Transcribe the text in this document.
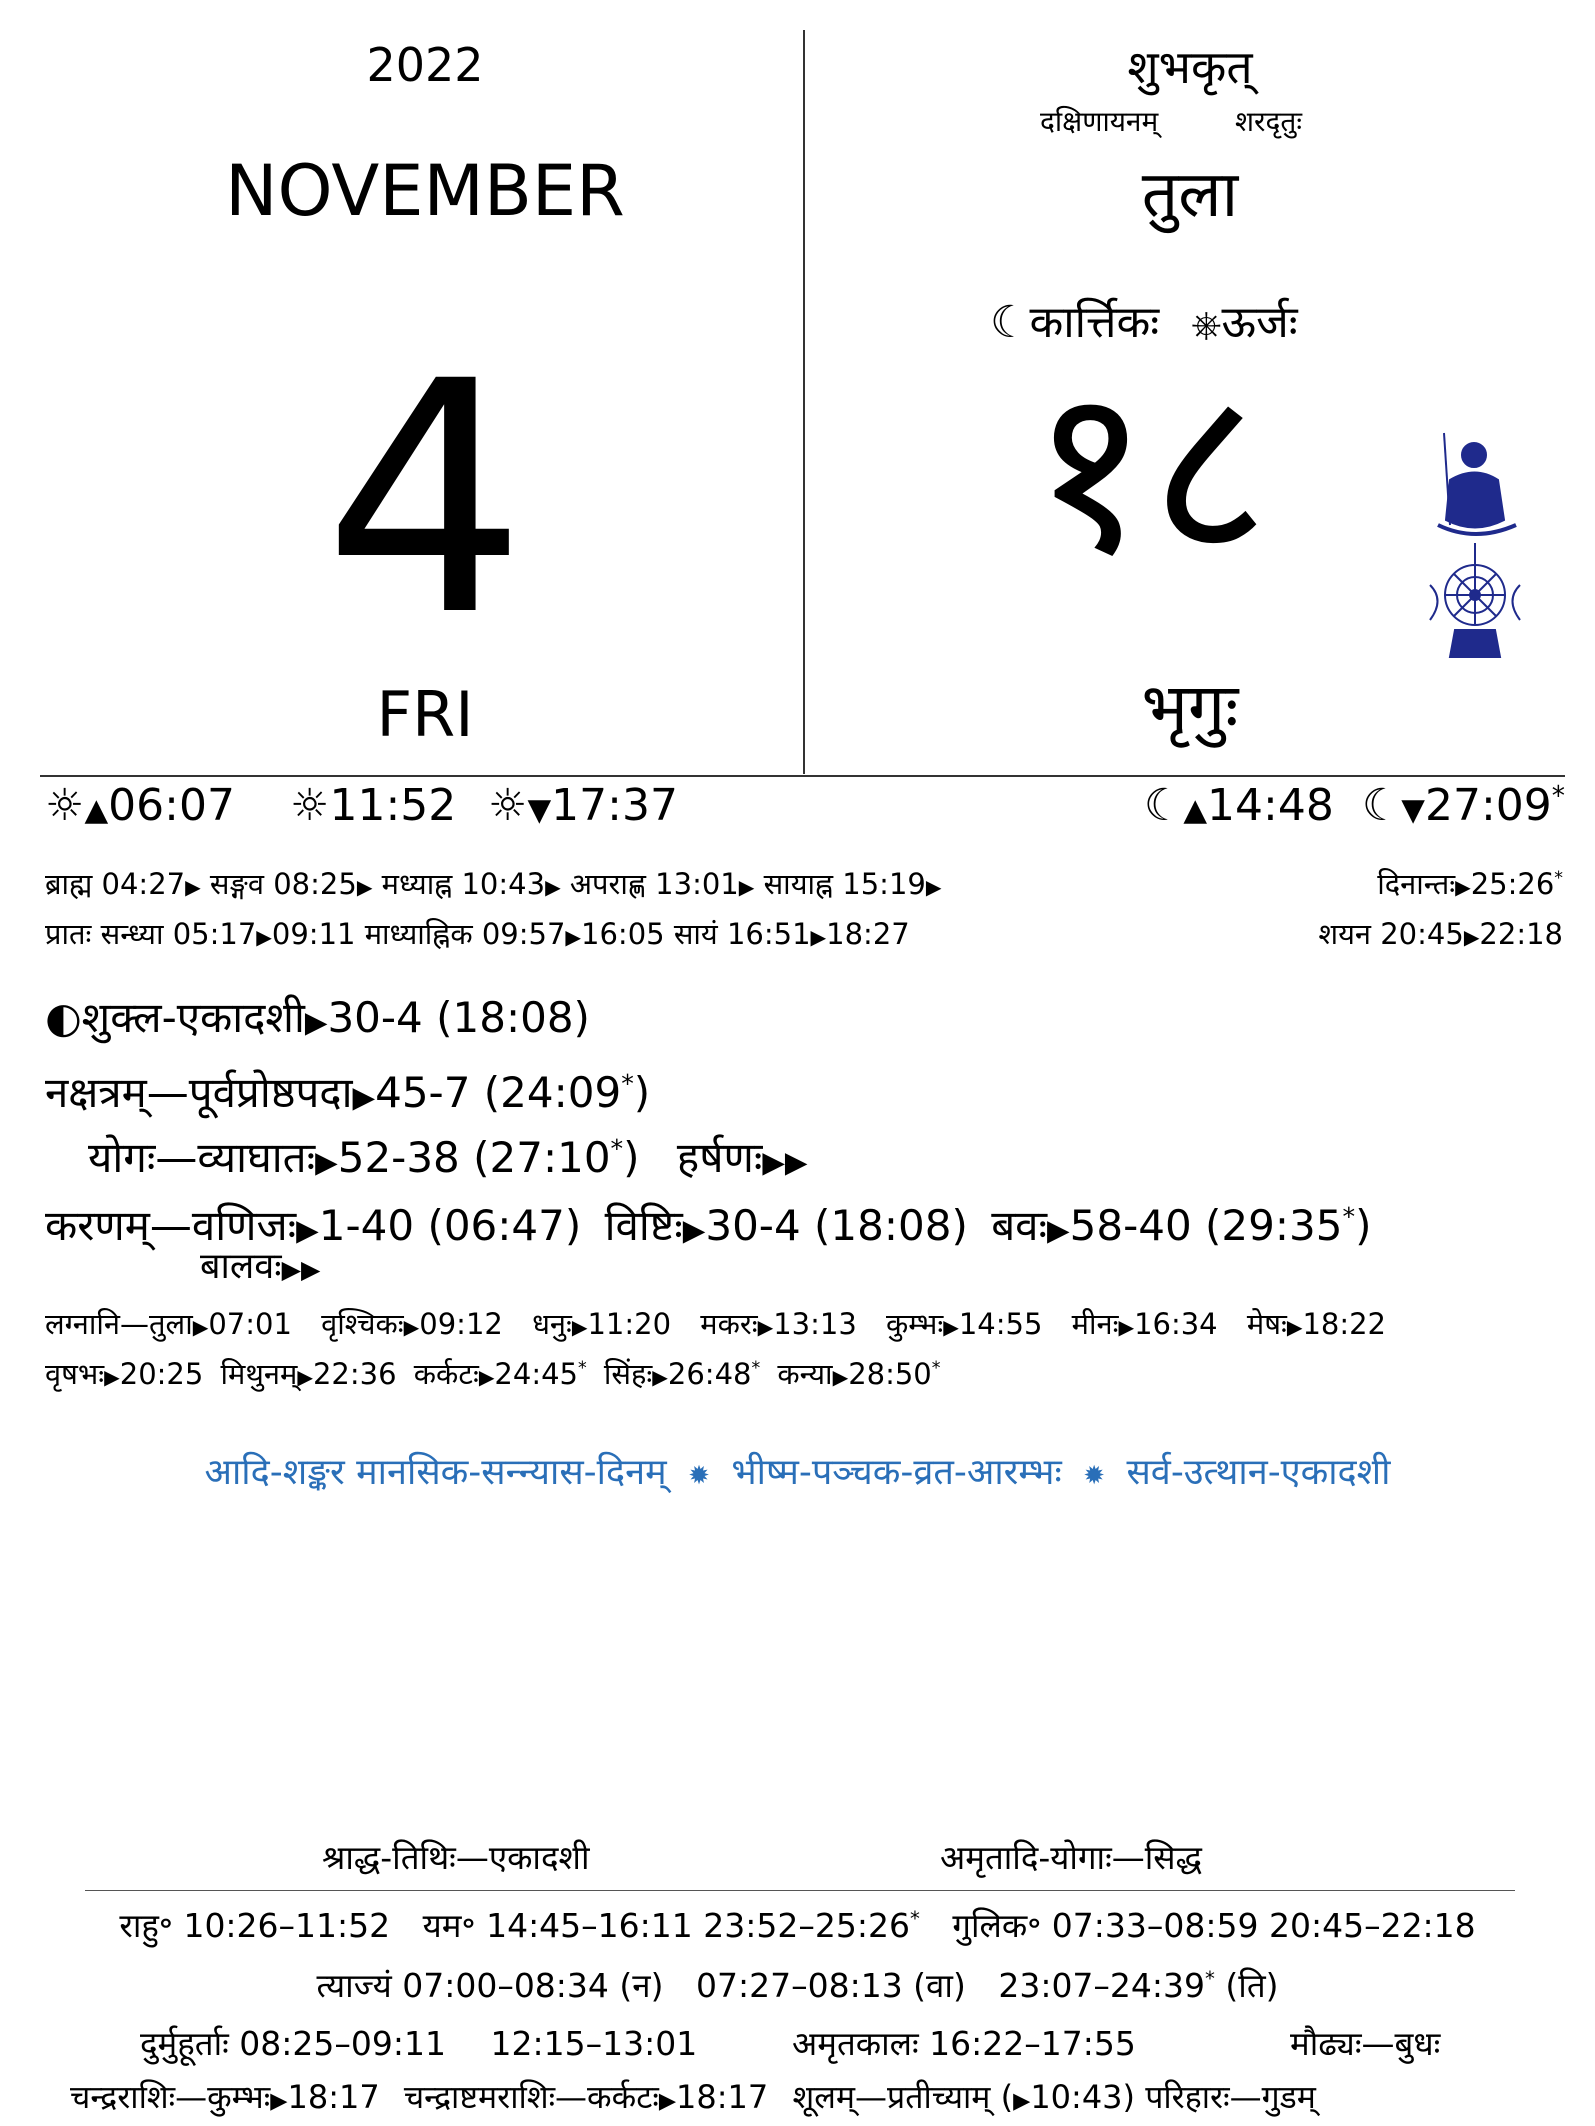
2022
NOVEMBER
4
FRI
शुभकृत्
दक्षिणायनम्	शरदृतुः
तुला
☾कार्त्तिकः ⎈ऊर्जः
१८
भृगुः
☼▲06:07 ☼11:52 ☼▼17:37	☾▲14:48 ☾▼27:09*
ब्राह्म 04:27▶ सङ्गव 08:25▶ मध्याह्न 10:43▶ अपराह्ण 13:01▶ सायाह्न 15:19▶	दिनान्तः▶25:26*
प्रातः सन्ध्या 05:17▶09:11 माध्याह्निक 09:57▶16:05 सायं 16:51▶18:27	शयन 20:45▶22:18
◐शुक्ल-एकादशी▶30-4 (18:08)
नक्षत्रम्—पूर्वप्रोष्ठपदा▶45-7 (24:09*)
योगः—व्याघातः▶52-38 (27:10*) हर्षणः▶▶
करणम्—वणिजः▶1-40 (06:47) विष्टिः▶30-4 (18:08) बवः▶58-40 (29:35*)
बालवः▶▶
लग्नानि—तुला▶07:01 वृश्चिकः▶09:12 धनुः▶11:20 मकरः▶13:13 कुम्भः▶14:55 मीनः▶16:34 मेषः▶18:22
वृषभः▶20:25 मिथुनम्▶22:36 कर्कटः▶24:45* सिंहः▶26:48* कन्या▶28:50*
आदि-शङ्कर मानसिक-सन्न्यास-दिनम् ✹ भीष्म-पञ्चक-व्रत-आरम्भः ✹ सर्व-उत्थान-एकादशी
श्राद्ध-तिथिः—एकादशी	अमृतादि-योगाः—सिद्ध
राहु॰ 10:26–11:52 यम॰ 14:45–16:11 23:52–25:26* गुलिक॰ 07:33–08:59 20:45–22:18
त्याज्यं 07:00–08:34 (न) 07:27–08:13 (वा) 23:07–24:39* (ति)
दुर्मुहूर्ताः 08:25–09:11 12:15–13:01	अमृतकालः 16:22–17:55	मौढ्यः—बुधः
चन्द्रराशिः—कुम्भः▶18:17 चन्द्राष्टमराशिः—कर्कटः▶18:17 शूलम्—प्रतीच्याम् (▶10:43) परिहारः—गुडम्
